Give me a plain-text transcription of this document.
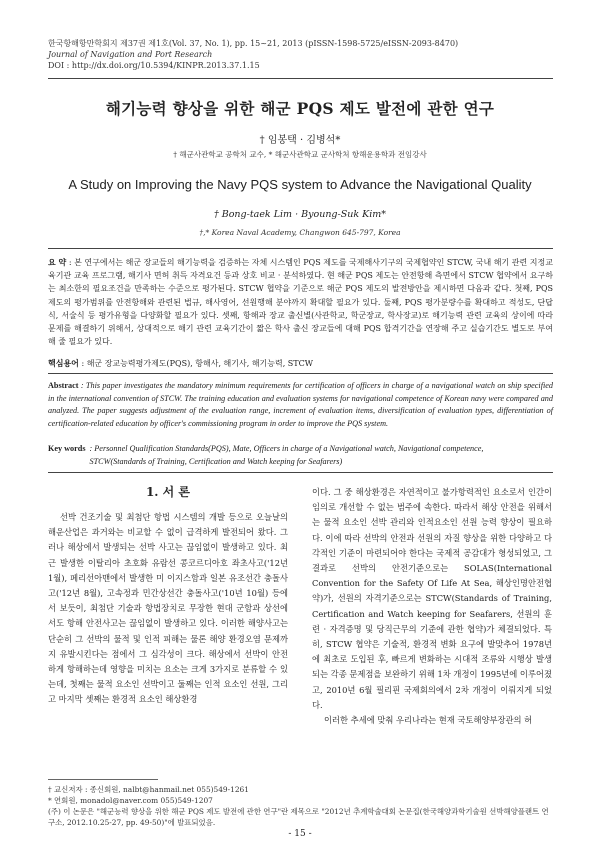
한국항해항만학회지 제37권 제1호(Vol. 37, No. 1), pp. 15~21, 2013 (pISSN-1598-5725/eISSN-2093-8470)
Journal of Navigation and Port Research
DOI : http://dx.doi.org/10.5394/KINPR.2013.37.1.15
해기능력 향상을 위한 해군 PQS 제도 발전에 관한 연구
† 임봉택 · 김병석*
† 해군사관학교 공학처 교수, * 해군사관학교 군사학처 항해운용학과 전임강사
A Study on Improving the Navy PQS system to Advance the Navigational Quality
† Bong-taek Lim · Byoung-Suk Kim*
†,* Korea Naval Academy, Changwon 645-797, Korea
요 약 : 본 연구에서는 해군 장교들의 해기능력을 검증하는 자체 시스템인 PQS 제도를 국제해사기구의 국제협약인 STCW, 국내 해기 관련 지정교육기관 교육 프로그램, 해기사 면허 취득 자격요건 등과 상호 비교 · 분석하였다. 현 해군 PQS 제도는 안전항해 측면에서 STCW 협약에서 요구하는 최소한의 필요조건을 만족하는 수준으로 평가된다. STCW 협약을 기준으로 해군 PQS 제도의 발전방안을 제시하면 다음과 같다. 첫째, PQS 제도의 평가범위를 안전항해와 관련된 법규, 해사영어, 선원행해 분야까지 확대할 필요가 있다. 둘째, PQS 평가분량수를 확대하고 적성도, 단답식, 서술식 등 평가유형을 다양화할 필요가 있다. 셋째, 항해과 장교 출신별(사관학교, 학군장교, 학사장교)로 해기능력 관련 교육의 상이에 따라 문제를 해결하기 위해서, 상대적으로 해기 관련 교육기간이 짧은 학사 출신 장교들에 대해 PQS 합격기간을 연장해 주고 실습기간도 별도로 부여해 줄 필요가 있다.
핵심용어 : 해군 장교능력평가제도(PQS), 항해사, 해기사, 해기능력, STCW
Abstract : This paper investigates the mandatory minimum requirements for certification of officers in charge of a navigational watch on ship specified in the international convention of STCW. The training education and evaluation systems for navigational competence of Korean navy were compared and analyzed. The paper suggests adjustment of the evaluation range, increment of evaluation items, diversification of evaluation types, differentiation of certification-related education by officer's commissioning program in order to improve the PQS system.
Key words : Personnel Qualification Standards(PQS), Mate, Officers in charge of a Navigational watch, Navigational competence, STCW(Standards of Training, Certification and Watch keeping for Seafarers)
1. 서 론

선박 건조기술 및 최첨단 항법 시스템의 개발 등으로 오늘날의 해운산업은 과거와는 비교할 수 없이 급격하게 발전되어 왔다. 그러나 해상에서 발생되는 선박 사고는 끊임없이 발생하고 있다. 최근 발생한 이탈리아 초호화 유람선 콩코르디아호 좌초사고('12년 1월), 페리선아맨에서 발생한 미 이지스함과 일본 유조선간 충돌사고('12년 8월), 고속정과 민간상선간 충돌사고('10년 10월) 등에서 보듯이, 최첨단 기술과 항법장치로 무장한 현대 군함과 상선에서도 항해 안전사고는 끊임없이 발생하고 있다. 이러한 해양사고는 단순히 그 선박의 물적 및 인적 피해는 물론 해양 환경오염 문제까지 유발시킨다는 점에서 그 심각성이 크다. 해상에서 선박이 안전하게 항해하는데 영향을 미치는 요소는 크게 3가지로 분류할 수 있는데, 첫째는 물적 요소인 선박이고 둘째는 인적 요소인 선원, 그리고 마지막 셋째는 환경적 요소인 해상환경

이다. 그 중 해상환경은 자연적이고 불가항력적인 요소로서 인간이 임의로 개선할 수 없는 범주에 속한다. 따라서 해상 안전을 위해서는 물적 요소인 선박 관리와 인적요소인 선원 능력 향상이 필요하다. 이에 따라 선박의 안전과 선원의 자질 향상을 위한 다양하고 다각적인 기준이 마련되어야 한다는 국제적 공감대가 형성되었고, 그 결과로 선박의 안전기준으로는 SOLAS(International Convention for the Safety Of Life At Sea, 해상인명안전협약)가, 선원의 자격기준으로는 STCW(Standards of Training, Certification and Watch keeping for Seafarers, 선원의 훈련 · 자격증명 및 당직근무의 기준에 관한 협약)가 체결되었다. 특히, STCW 협약은 기술적, 환경적 변화 요구에 발맞추어 1978년에 최초로 도입된 후, 빠르게 변화하는 시대적 조류와 시행상 발생되는 각종 문제점을 보완하기 위해 1차 개정이 1995년에 이루어졌고, 2010년 6월 필리핀 국제회의에서 2차 개정이 이뤄지게 되었다.

이러한 추세에 맞춰 우리나라는 현재 국토해양부장관의 허

† 교신저자 : 종신회원, nalbt@hanmail.net 055)549-1261
* 연회원, monadol@naver.com 055)549-1207
(주) 이 논문은 "해군능력 향상을 위한 해군 PQS 제도 발전에 관한 연구"란 제목으로 "2012년 추계학술대회 논문집(한국해양과학기술원 선박해양플랜트 연구소, 2012.10.25-27, pp. 49-50)"에 발표되었음.
- 15 -
